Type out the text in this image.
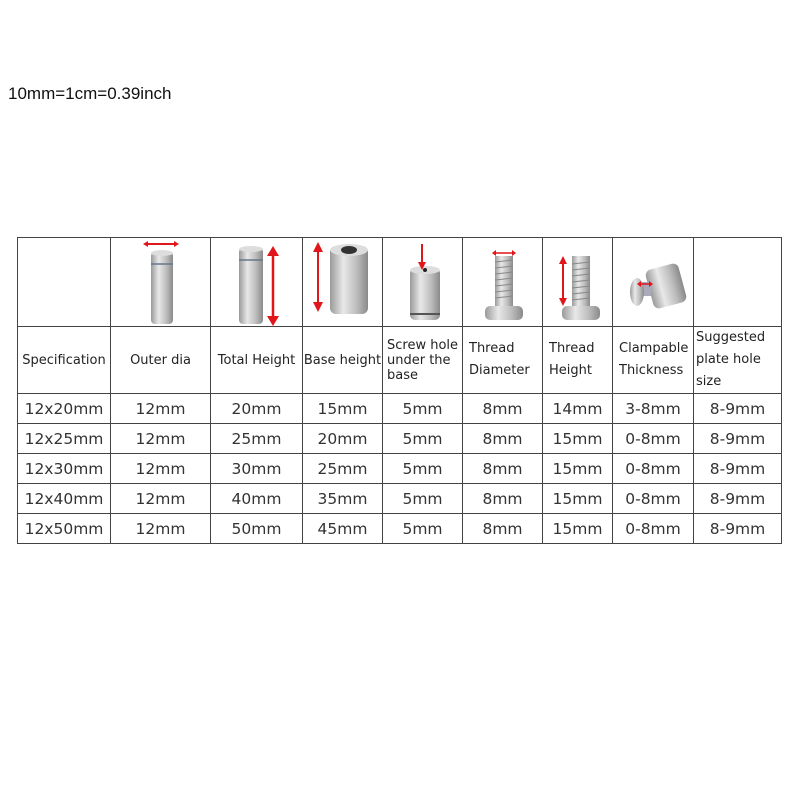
10mm=1cm=0.39inch

Specification	Outer dia	Total Height	Base height	Screw hole under the base	Thread Diameter	Thread Height	Clampable Thickness	Suggested plate hole size
12x20mm	12mm	20mm	15mm	5mm	8mm	14mm	3-8mm	8-9mm
12x25mm	12mm	25mm	20mm	5mm	8mm	15mm	0-8mm	8-9mm
12x30mm	12mm	30mm	25mm	5mm	8mm	15mm	0-8mm	8-9mm
12x40mm	12mm	40mm	35mm	5mm	8mm	15mm	0-8mm	8-9mm
12x50mm	12mm	50mm	45mm	5mm	8mm	15mm	0-8mm	8-9mm
